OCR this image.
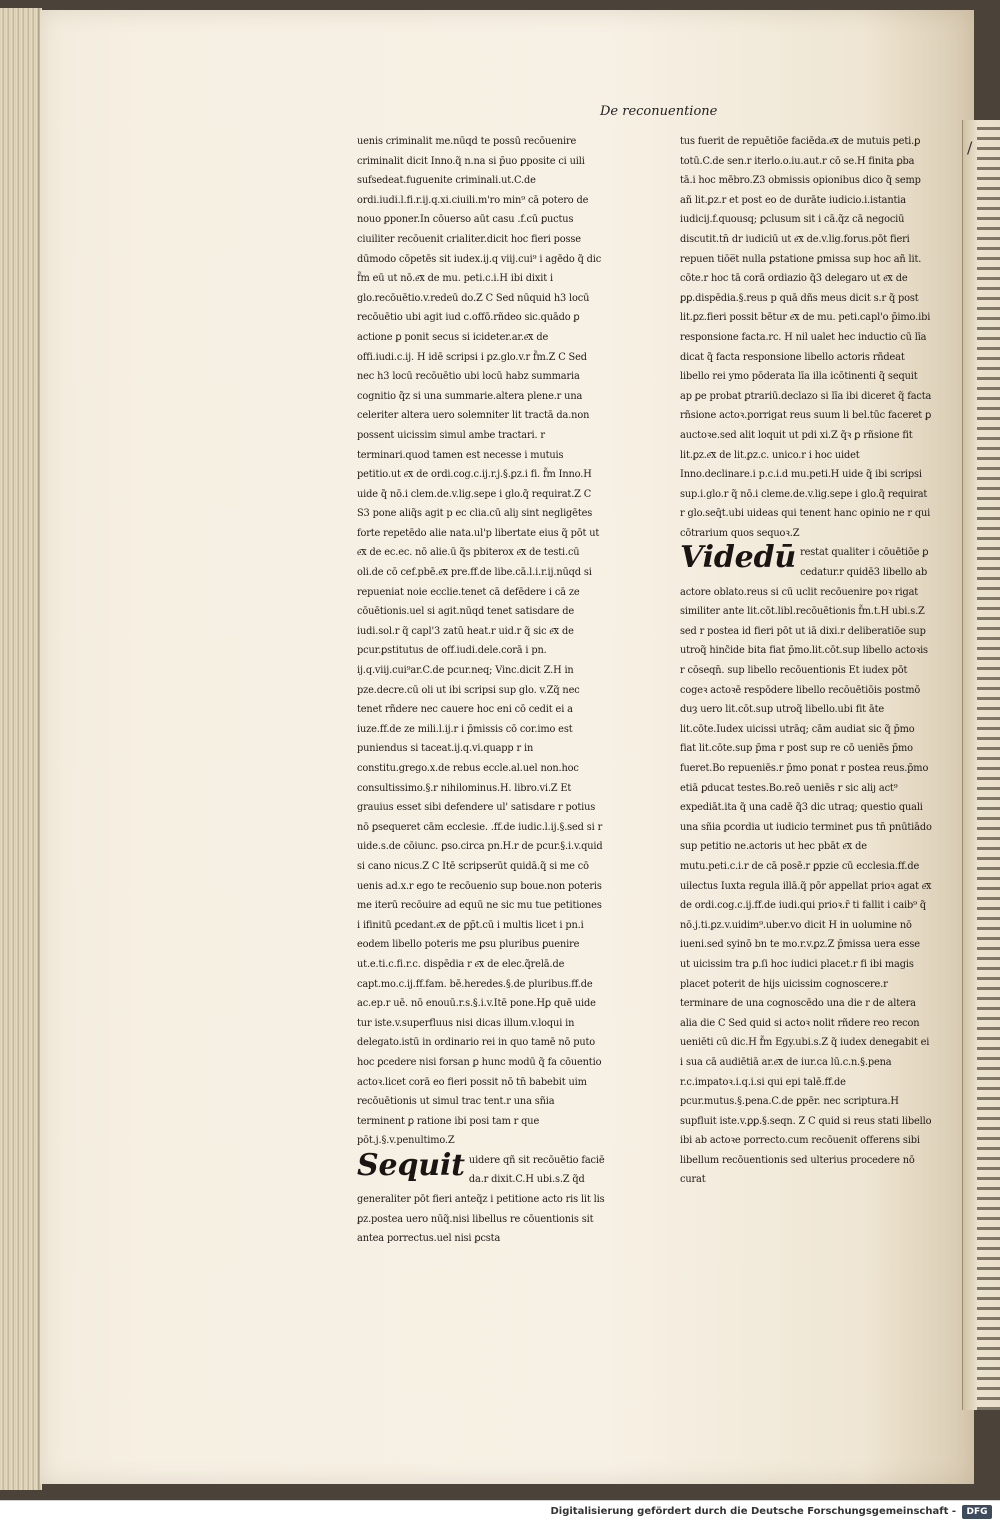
De reconuentione
/

uenis criminalit me.nūqd te possū recōuenire criminalit dicit Inno.q̃ n.na si p̄uo ꝑposite ci uili sufsedeat.fuguenite criminali.ut.C.de ordi.iudi.l.fi.r.ij.q.xi.ciuili.m'ro min⁹ cā potero de nouo ꝑponer.In cōuerso aūt casu .f.cū ꝑuctus ciuiliter recōuenit crialiter.dicit hoc fieri posse dūmodo cōpetēs sit iudex.ij.q viij.cui⁹ i agēdo q̃ dic f̃m eū ut nō.e͞x de mu. peti.c.i.H ibi dixit i glo.recōuētio.v.redeū do.Z C Sed nūquid h3 locū recōuētio ubi agit iud c.offō.rñdeo sic.quādo ꝑ actione ꝑ ponit secus si icideter.ar.e͞x de offi.iudi.c.ij. H idē scripsi i ꝑz.glo.v.r f̃m.Z C Sed nec h3 locū recōuētio ubi locū habz summaria cognitio q̃z si una summarie.altera plene.r una celeriter altera uero solemniter lit tractā da.non possent uicissim simul ambe tractari. r terminari.quod tamen est necesse i mutuis petitio.ut e͞x de ordi.cog.c.ij.r.j.§.ꝑz.i fi. f̃m Inno.H uide q̃ nō.i clem.de.v.lig.sepe i glo.q̃ requirat.Z C S3 pone aliq̃s agit p ec clia.cū aliȷ sint negligētes forte repetēdo alie nata.ul'p libertate eius q̃ pōt ut e͞x de ec.ec. nō alie.ū q̃s pbiterox e͞x de testi.cū oli.de cō cef.pbē.e͞x pre.ff.de libe.cā.l.i.r.ij.nūqd si repueniat noie ecclie.tenet cā defēdere i cā ze cōuētionis.uel si agit.nūqd tenet satisdare de iudi.sol.r q̃ capl'3 zatū heat.r uid.r q̃ sic e͞x de pcur.ꝑstitutus de off.iudi.dele.corā i pn. ij.q.viij.cui⁹ar.C.de pcur.neq; Vinc.dicit Z.H in pze.decre.cū oli ut ibi scripsi sup glo. v.Zq̃ nec tenet rñdere nec cauere hoc eni cō cedit ei a iuze.ff.de ze mili.l.ij.r i p̄missis cō cor.imo est puniendus si taceat.ij.q.vi.quapp r in constitu.grego.x.de rebus eccle.al.uel non.hoc consultissimo.§.r nihilominus.H. libro.vi.Z Et grauius esset sibi defendere ul' satisdare r potius nō ꝑsequeret cām ecclesie. .ff.de iudic.l.ij.§.sed si r uide.s.de cōiunc. ꝑso.circa pn.H.r de pcur.§.i.v.quid si cano nicus.Z C Itē scripserūt quidā.q̃ si me cō uenis ad.x.r ego te recōuenio sup boue.non poteris me iterū recōuire ad equū ne sic mu tue petitiones i ifinitū ꝑcedant.e͞x de ꝑp̄t.cū i multis licet i pn.i eodem libello poteris me ꝑsu pluribus ꝑuenire ut.e.ti.c.fi.r.c. dispēdia r e͞x de elec.q̃relā.de capt.mo.c.ij.ff.fam. bē.heredes.§.de pluribus.ff.de ac.ep.r uē. nō enouū.r.s.§.i.v.Itē pone.Hꝑ quē uide tur iste.v.superfluus nisi dicas illum.v.loqui in delegato.istū in ordinario rei in quo tamē nō puto hoc ꝑcedere nisi forsan ꝑ hunc modū q̃ fa cōuentio actoꝛ.licet corā eo fieri possit nō tn̄ babebit uim recōuētionis ut simul trac tent.r una sñia terminent ꝑ ratione ibi posi tam r que pōt.j.§.v.penultimo.Z

Sequit uidere qñ sit recōuētio faciē da.r dixit.C.H ubi.s.Z q̃d generaliter pōt fieri anteq̃z i petitione acto ris lit lis ꝑz.postea uero nūq̃.nisi libellus re cōuentionis sit antea porrectus.uel nisi ꝑcsta

tus fuerit de repuētiōe faciēda.e͞x de mutuis peti.ꝑ totū.C.de sen.r iterlo.o.iu.aut.r cō se.H finita ꝑba tā.i hoc mēbro.Z3 obmissis opionibus dico q̃ semp añ lit.ꝑz.r et post eo de durāte iudicio.i.istantia iudicij.f.quousq; ꝑclusum sit i cā.q̃z cā negociū discutit.tn̄ dr iudiciū ut e͞x de.v.lig.forus.pōt fieri repuen tiōe̅t nulla ꝑstatione ꝑmissa sup hoc añ lit. cōte.r hoc tā corā ordiazio q̃3 delegaro ut e͞x de ꝑꝑ.dispēdia.§.reus p quā dñs meus dicit s.r q̃ post lit.ꝑz.fieri possit bētur e͞x de mu. peti.capl'o p̄imo.ibi responsione facta.rc. H nil ualet hec inductio cū līa dicat q̃ facta responsione libello actoris rñdeat libello rei ymo pōderata līa illa icōtinenti q̃ sequit ap ꝑe probat ꝑtrariū.declazo si līa ibi diceret q̃ facta rñsione actoꝛ.porrigat reus suum li bel.tūc faceret ꝑ auctoꝛe.sed alit loquit ut pdi xi.Z q̃ꝛ ꝑ rñsione fit lit.ꝑz.e͞x de lit.ꝑz.c. unico.r i hoc uidet Inno.declinare.i p.c.i.d mu.peti.H uide q̃ ibi scripsi sup.i.glo.r q̃ nō.i cleme.de.v.lig.sepe i glo.q̃ requirat r glo.seq̄t.ubi uideas qui tenent hanc opinio ne r qui cōtrarium quos sequoꝛ.Z

Videdū restat qualiter i cōuētiōe ꝑ cedatur.r quidē3 libello ab actore oblato.reus si cū uclit recōuenire poꝛ rigat similiter ante lit.cōt.libl.recōuētionis f̃m.t.H ubi.s.Z sed r postea id fieri pōt ut iā dixi.r deliberatiōe sup utroq̃ hinc̃ide bita fiat p̄mo.lit.cōt.sup libello actoꝛis r cōseqn̄. sup libello recōuentionis Et iudex pōt cogeꝛ actoꝛē respōdere libello recōuētiōis postmō duȝ uero lit.cōt.sup utroq̃ libello.ubi fit āte lit.cōte.Iudex uicissi utrāq; cām audiat sic q̃ p̄mo fiat lit.cōte.sup p̄ma r post sup re cō ueniēs p̄mo fueret.Bo repueniēs.r p̄mo ponat r postea reus.p̄mo etiā ꝑducat testes.Bo.reō ueniēs r sic aliȷ act⁹ expediāt.ita q̃ una cadē q̃3 dic utraq; questio quali una sñia ꝑcordia ut iudicio terminet ꝑus tn̄ pnūtiādo sup petitio ne.actoris ut hec pbāt e͞x de mutu.peti.c.i.r de cā posē.r ꝑpzie cū ecclesia.ff.de uilectus Iuxta regula illā.q̃ pōr appellat prioꝛ agat e͞x de ordi.cog.c.ij.ff.de iudi.qui prioꝛ.r̄ ti fallit i caib⁹ q̃ nō.j.ti.ꝑz.v.uidim⁹.uber.vo dicit H in uolumine nō iueni.sed syinō bn te mo.r.v.ꝑz.Z p̄missa uera esse ut uicissim tra ꝑ.ſi hoc iudici placet.r fi ibi magis placet poterit de hijs uicissim cognoscere.r terminare de una cognoscēdo una die r de altera alia die C Sed quid si actoꝛ nolit rñdere reo recon ueniēti cū dic.H f̃m Egy.ubi.s.Z q̃ iudex denegabit ei i sua cā audiētiā ar.e͞x de iur.ca lū.c.n.§.pena r.c.impatoꝛ.i.q.i.si qui epi talē.ff.de pcur.mutus.§.pena.C.de ꝑpēr. nec scriptura.H supfluit iste.v.ꝑꝑ.§.seqn. Z C quid si reus stati libello ibi ab actoꝛe porrecto.cum recōuenit offerens sibi libellum recōuentionis sed ulterius procedere nō curat

Digitalisierung gefördert durch die Deutsche Forschungsgemeinschaft -	DFG
